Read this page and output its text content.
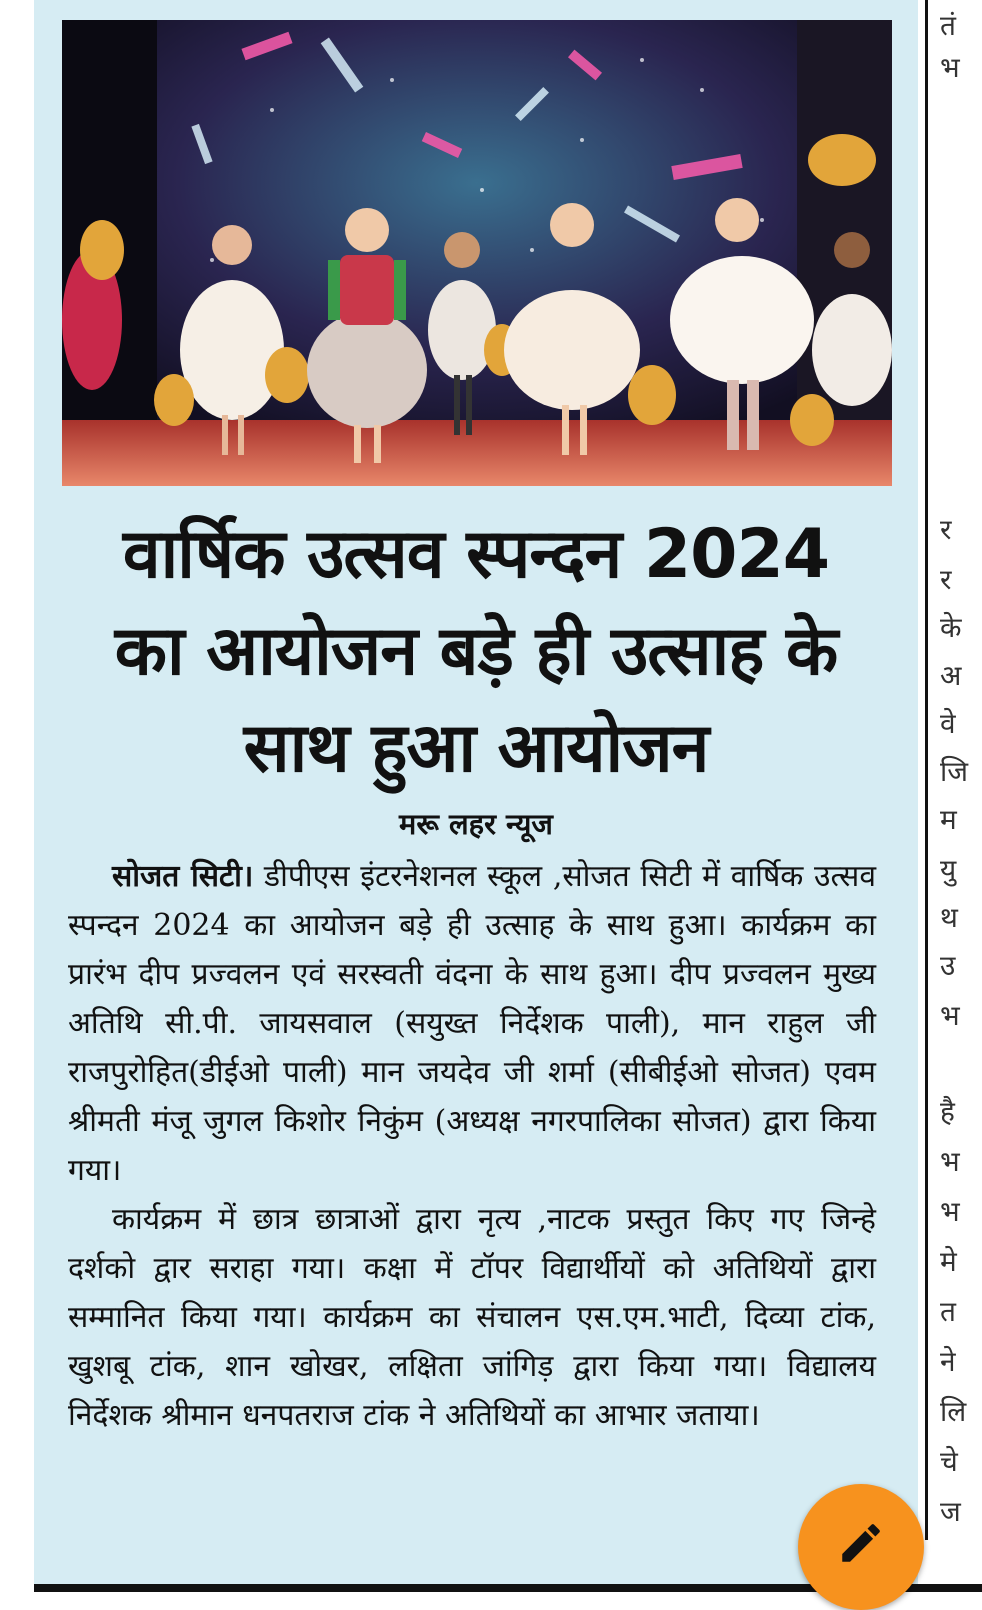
वार्षिक उत्सव स्पन्दन 2024
का आयोजन बड़े ही उत्साह के
साथ हुआ आयोजन
मरू लहर न्यूज

सोजत सिटी। डीपीएस इंटरनेशनल स्कूल ,सोजत सिटी में वार्षिक उत्सव स्पन्दन 2024 का आयोजन बड़े ही उत्साह के साथ हुआ। कार्यक्रम का प्रारंभ दीप प्रज्वलन एवं सरस्वती वंदना के साथ हुआ। दीप प्रज्वलन मुख्य अतिथि सी.पी. जायसवाल (सयुख्त निर्देशक पाली), मान राहुल जी राजपुरोहित(डीईओ पाली) मान जयदेव जी शर्मा (सीबीईओ सोजत) एवम श्रीमती मंजू जुगल किशोर निकुंम (अध्यक्ष नगरपालिका सोजत) द्वारा किया गया।

कार्यक्रम में छात्र छात्राओं द्वारा नृत्य ,नाटक प्रस्तुत किए गए जिन्हे दर्शको द्वार सराहा गया। कक्षा में टॉपर विद्यार्थीयों को अतिथियों द्वारा सम्मानित किया गया। कार्यक्रम का संचालन एस.एम.भाटी, दिव्या टांक, खुशबू टांक, शान खोखर, लक्षिता जांगिड़ द्वारा किया गया। विद्यालय निर्देशक श्रीमान धनपतराज टांक ने अतिथियों का आभार जताया।

तं
भ
र
र
के
अ
वे
जि
म
यु
थ
उ
भ
है
भ
भ
मे
त
ने
लि
चे
ज
